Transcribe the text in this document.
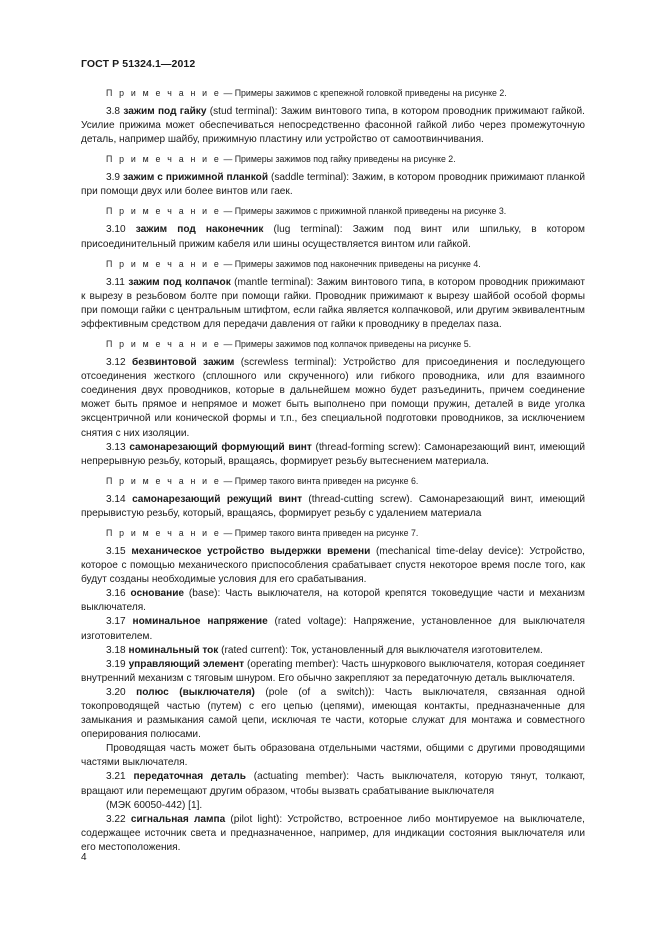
ГОСТ Р 51324.1—2012

П р и м е ч а н и е — Примеры зажимов с крепежной головкой приведены на рисунке 2.

3.8 зажим под гайку (stud terminal): Зажим винтового типа, в котором проводник прижимают гайкой. Усилие прижима может обеспечиваться непосредственно фасонной гайкой либо через промежуточную деталь, например шайбу, прижимную пластину или устройство от самоотвинчивания.

П р и м е ч а н и е — Примеры зажимов под гайку приведены на рисунке 2.

3.9 зажим с прижимной планкой (saddle terminal): Зажим, в котором проводник прижимают планкой при помощи двух или более винтов или гаек.

П р и м е ч а н и е — Примеры зажимов с прижимной планкой приведены на рисунке 3.

3.10 зажим под наконечник (lug terminal): Зажим под винт или шпильку, в котором присоединительный прижим кабеля или шины осуществляется винтом или гайкой.

П р и м е ч а н и е — Примеры зажимов под наконечник приведены на рисунке 4.

3.11 зажим под колпачок (mantle terminal): Зажим винтового типа, в котором проводник прижимают к вырезу в резьбовом болте при помощи гайки. Проводник прижимают к вырезу шайбой особой формы при помощи гайки с центральным штифтом, если гайка является колпачковой, или другим эквивалентным эффективным средством для передачи давления от гайки к проводнику в пределах паза.

П р и м е ч а н и е — Примеры зажимов под колпачок приведены на рисунке 5.

3.12 безвинтовой зажим (screwless terminal): Устройство для присоединения и последующего отсоединения жесткого (сплошного или скрученного) или гибкого проводника, или для взаимного соединения двух проводников, которые в дальнейшем можно будет разъединить, причем соединение может быть прямое и непрямое и может быть выполнено при помощи пружин, деталей в виде уголка эксцентричной или конической формы и т.п., без специальной подготовки проводников, за исключением снятия с них изоляции.

3.13 самонарезающий формующий винт (thread-forming screw): Самонарезающий винт, имеющий непрерывную резьбу, который, вращаясь, формирует резьбу вытеснением материала.

П р и м е ч а н и е — Пример такого винта приведен на рисунке 6.

3.14 самонарезающий режущий винт (thread-cutting screw). Самонарезающий винт, имеющий прерывистую резьбу, который, вращаясь, формирует резьбу с удалением материала

П р и м е ч а н и е — Пример такого винта приведен на рисунке 7.

3.15 механическое устройство выдержки времени (mechanical time-delay device): Устройство, которое с помощью механического приспособления срабатывает спустя некоторое время после того, как будут созданы необходимые условия для его срабатывания.

3.16 основание (base): Часть выключателя, на которой крепятся токоведущие части и механизм выключателя.

3.17 номинальное напряжение (rated voltage): Напряжение, установленное для выключателя изготовителем.

3.18 номинальный ток (rated current): Ток, установленный для выключателя изготовителем.

3.19 управляющий элемент (operating member): Часть шнуркового выключателя, которая соединяет внутренний механизм с тяговым шнуром. Его обычно закрепляют за передаточную деталь выключателя.

3.20 полюс (выключателя) (pole (of a switch)): Часть выключателя, связанная одной токопроводящей частью (путем) с его цепью (цепями), имеющая контакты, предназначенные для замыкания и размыкания самой цепи, исключая те части, которые служат для монтажа и совместного оперирования полюсами.

Проводящая часть может быть образована отдельными частями, общими с другими проводящими частями выключателя.

3.21 передаточная деталь (actuating member): Часть выключателя, которую тянут, толкают, вращают или перемещают другим образом, чтобы вызвать срабатывание выключателя

(МЭК 60050-442) [1].

3.22 сигнальная лампа (pilot light): Устройство, встроенное либо монтируемое на выключателе, содержащее источник света и предназначенное, например, для индикации состояния выключателя или его местоположения.

4
